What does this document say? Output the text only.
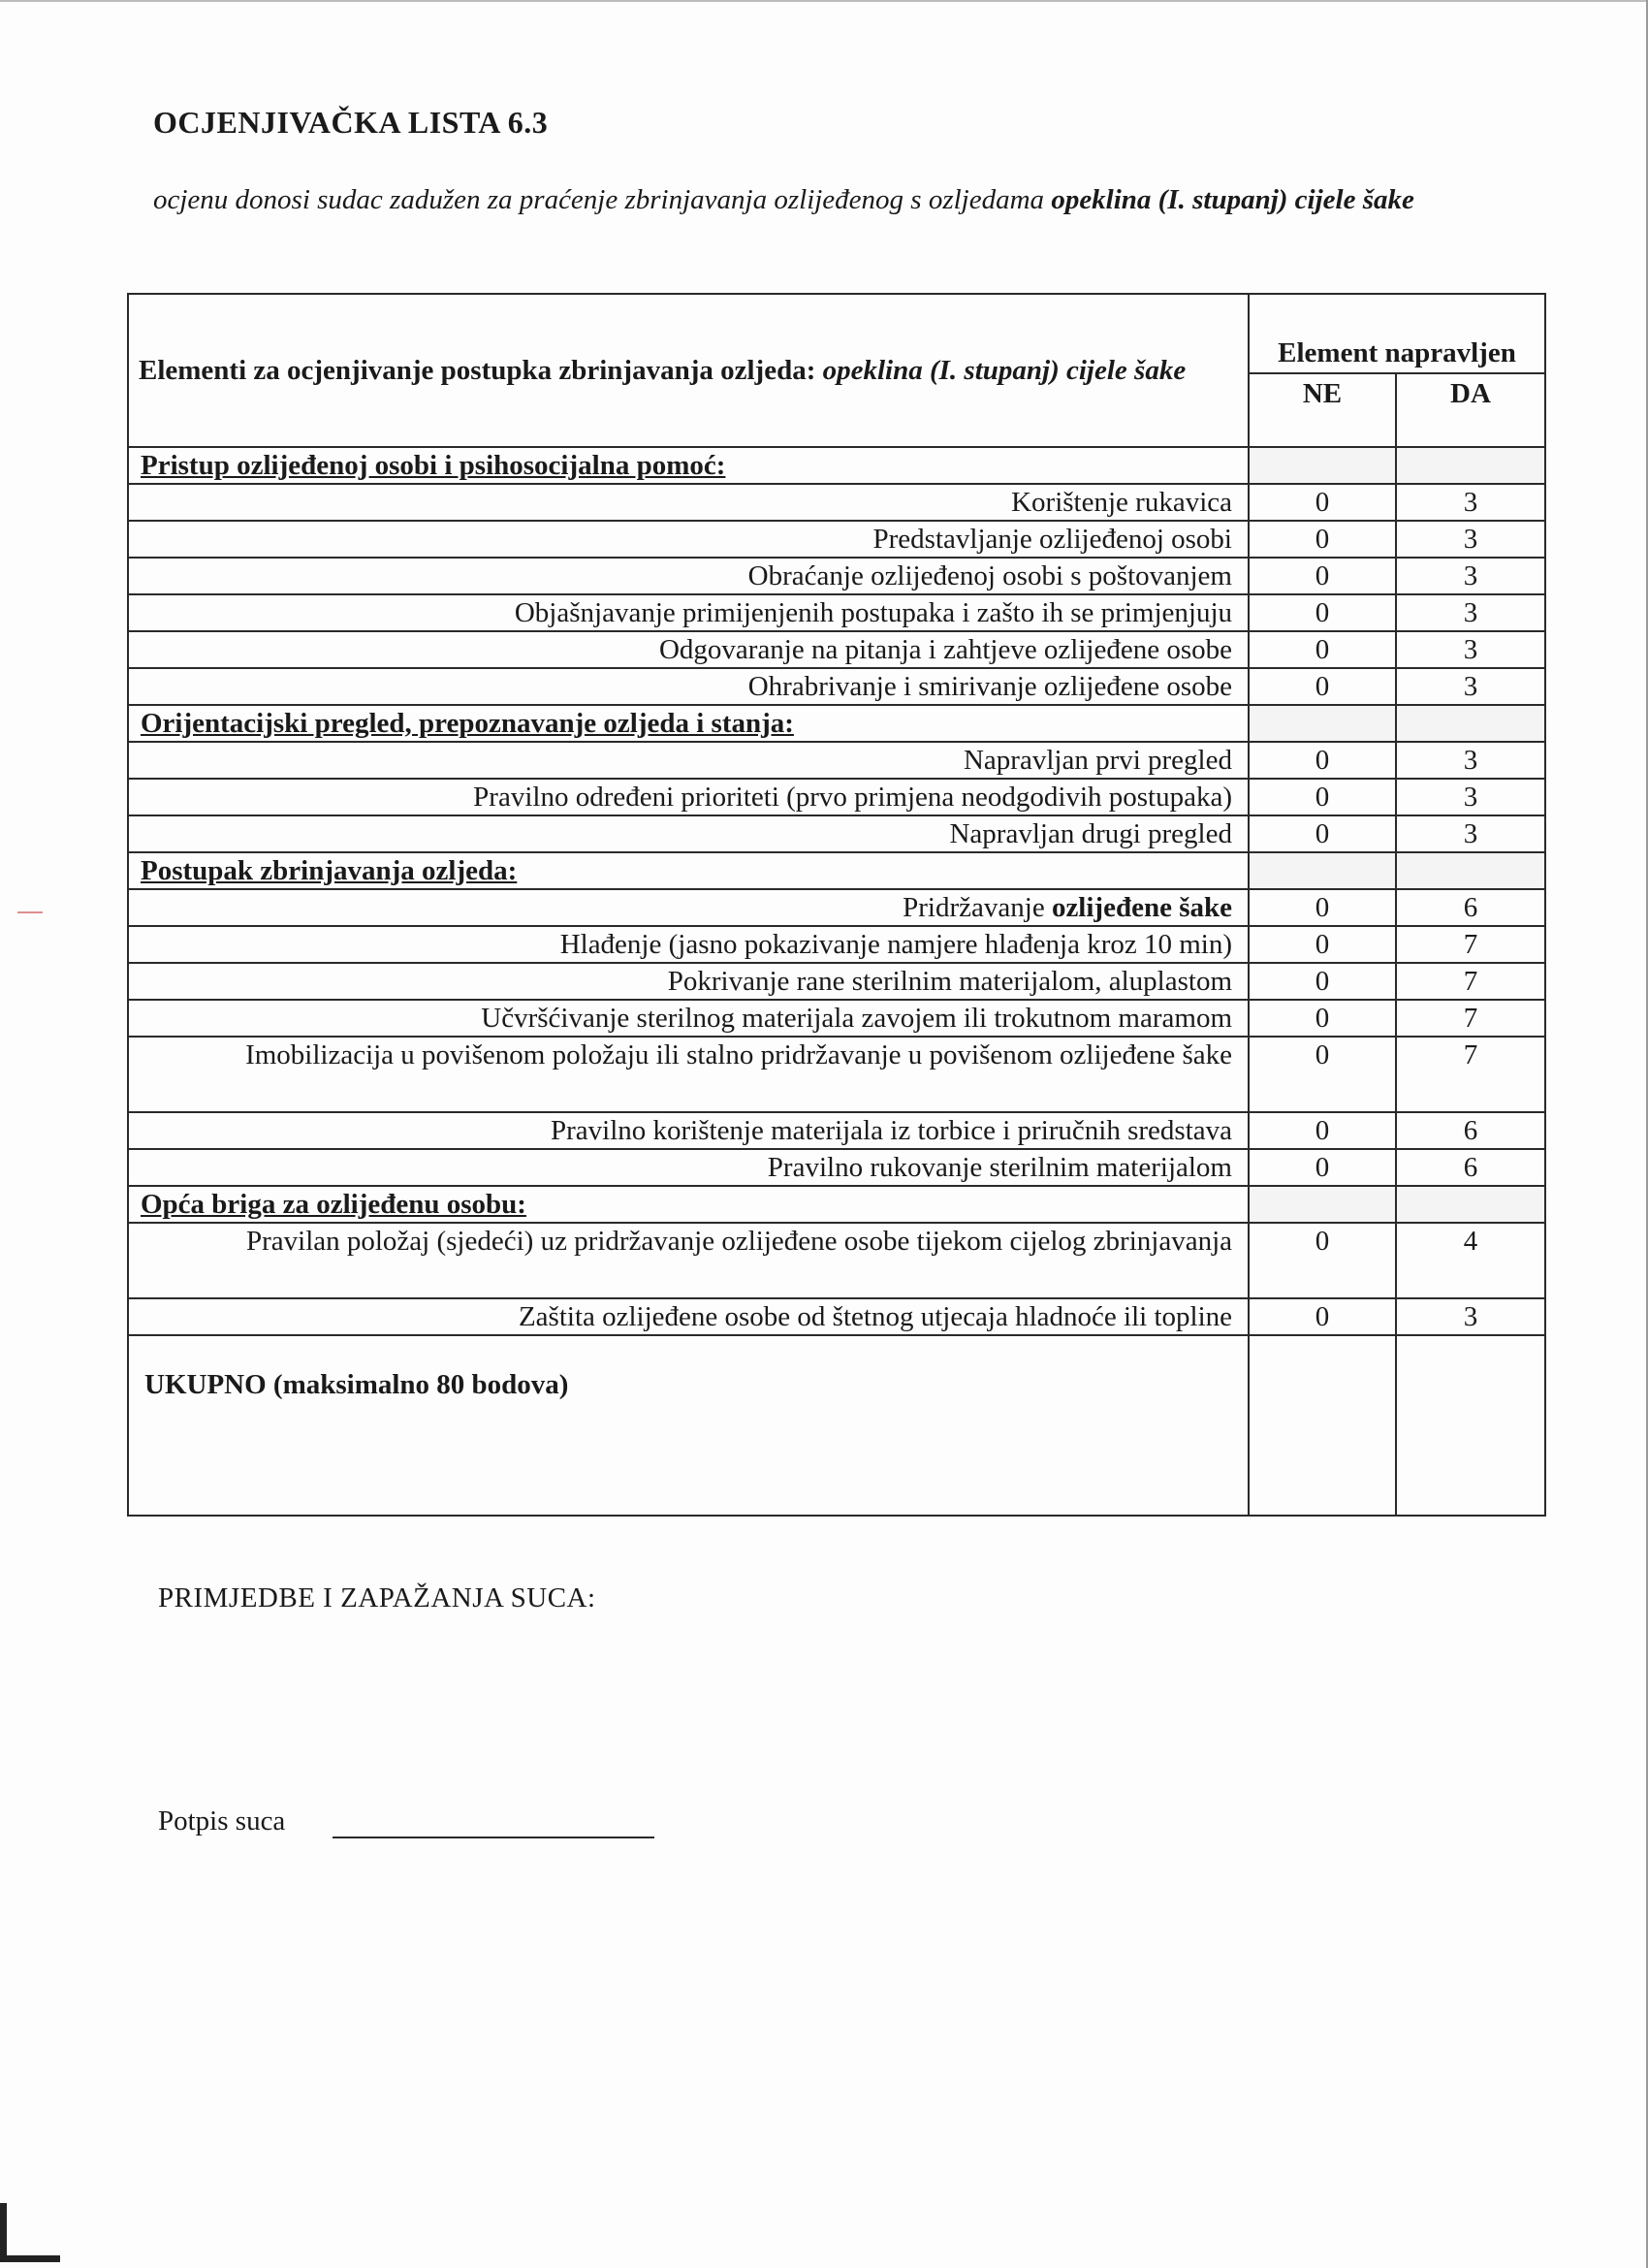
OCJENJIVAČKA LISTA 6.3
ocjenu donosi sudac zadužen za praćenje zbrinjavanja ozlijeđenog s ozljedama opeklina (I. stupanj) cijele šake
Elementi za ocjenjivanje postupka zbrinjavanja ozljeda: opeklina (I. stupanj) cijele šake	Element napravljen	
	NE	DA
Pristup ozlijeđenoj osobi i psihosocijalna pomoć:		
Korištenje rukavica	0	3
Predstavljanje ozlijeđenoj osobi	0	3
Obraćanje ozlijeđenoj osobi s poštovanjem	0	3
Objašnjavanje primijenjenih postupaka i zašto ih se primjenjuju	0	3
Odgovaranje na pitanja i zahtjeve ozlijeđene osobe	0	3
Ohrabrivanje i smirivanje ozlijeđene osobe	0	3
Orijentacijski pregled, prepoznavanje ozljeda i stanja:		
Napravljan prvi pregled	0	3
Pravilno određeni prioriteti (prvo primjena neodgodivih postupaka)	0	3
Napravljan drugi pregled	0	3
Postupak zbrinjavanja ozljeda:		
Pridržavanje ozlijeđene šake	0	6
Hlađenje (jasno pokazivanje namjere hlađenja kroz 10 min)	0	7
Pokrivanje rane sterilnim materijalom, aluplastom	0	7
Učvršćivanje sterilnog materijala zavojem ili trokutnom maramom	0	7
Imobilizacija u povišenom položaju ili stalno pridržavanje u povišenom ozlijeđene šake	0	7
Pravilno korištenje materijala iz torbice i priručnih sredstava	0	6
Pravilno rukovanje sterilnim materijalom	0	6
Opća briga za ozlijeđenu osobu:		
Pravilan položaj (sjedeći) uz pridržavanje ozlijeđene osobe tijekom cijelog zbrinjavanja	0	4
Zaštita ozlijeđene osobe od štetnog utjecaja hladnoće ili topline	0	3
UKUPNO (maksimalno 80 bodova)		
PRIMJEDBE I ZAPAŽANJA SUCA:
Potpis suca
